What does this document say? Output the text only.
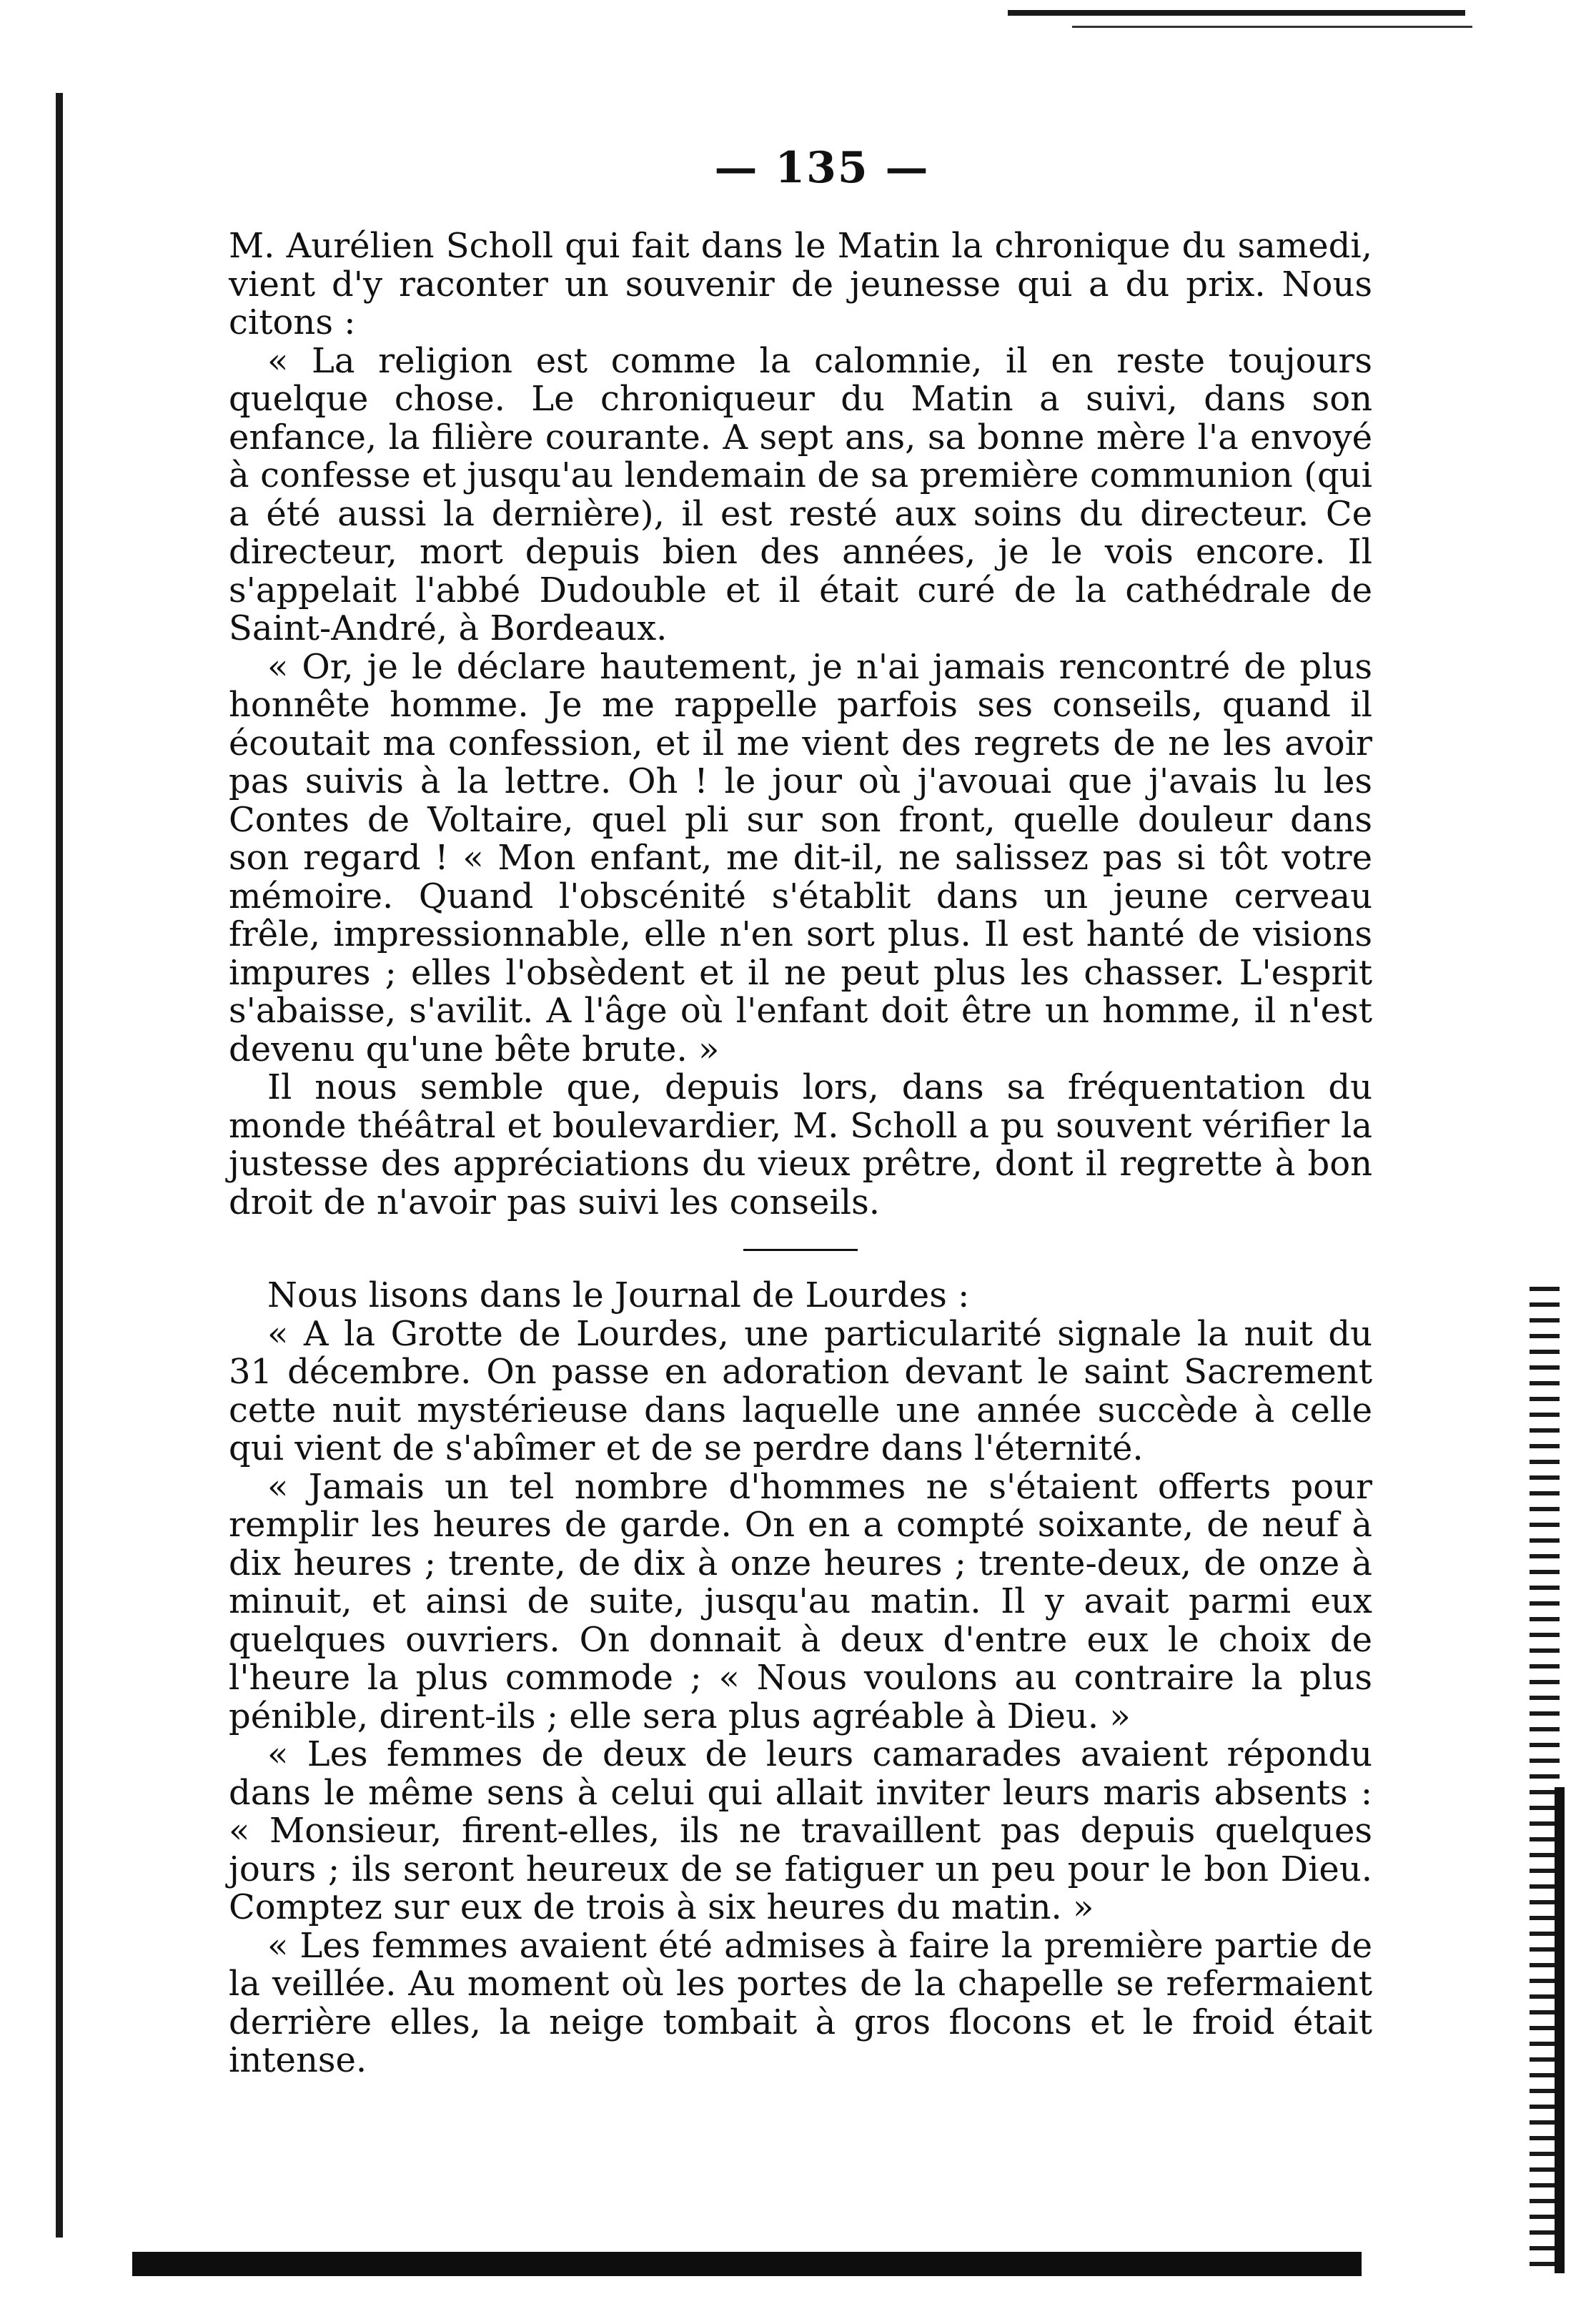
— 135 —

M. Aurélien Scholl qui fait dans le Matin la chronique du samedi, vient d'y raconter un souvenir de jeunesse qui a du prix. Nous citons :

« La religion est comme la calomnie, il en reste toujours quelque chose. Le chroniqueur du Matin a suivi, dans son enfance, la filière courante. A sept ans, sa bonne mère l'a envoyé à confesse et jusqu'au lendemain de sa première communion (qui a été aussi la dernière), il est resté aux soins du directeur. Ce directeur, mort depuis bien des années, je le vois encore. Il s'appelait l'abbé Dudouble et il était curé de la cathédrale de Saint-André, à Bordeaux.

« Or, je le déclare hautement, je n'ai jamais rencontré de plus honnête homme. Je me rappelle parfois ses conseils, quand il écoutait ma confession, et il me vient des regrets de ne les avoir pas suivis à la lettre. Oh ! le jour où j'avouai que j'avais lu les Contes de Voltaire, quel pli sur son front, quelle douleur dans son regard ! « Mon enfant, me dit-il, ne salissez pas si tôt votre mémoire. Quand l'obscénité s'établit dans un jeune cerveau frêle, impressionnable, elle n'en sort plus. Il est hanté de visions impures ; elles l'obsèdent et il ne peut plus les chasser. L'esprit s'abaisse, s'avilit. A l'âge où l'enfant doit être un homme, il n'est devenu qu'une bête brute. »

Il nous semble que, depuis lors, dans sa fréquentation du monde théâtral et boulevardier, M. Scholl a pu souvent vérifier la justesse des appréciations du vieux prêtre, dont il regrette à bon droit de n'avoir pas suivi les conseils.

Nous lisons dans le Journal de Lourdes :

« A la Grotte de Lourdes, une particularité signale la nuit du 31 décembre. On passe en adoration devant le saint Sacrement cette nuit mystérieuse dans laquelle une année succède à celle qui vient de s'abîmer et de se perdre dans l'éternité.

« Jamais un tel nombre d'hommes ne s'étaient offerts pour remplir les heures de garde. On en a compté soixante, de neuf à dix heures ; trente, de dix à onze heures ; trente-deux, de onze à minuit, et ainsi de suite, jusqu'au matin. Il y avait parmi eux quelques ouvriers. On donnait à deux d'entre eux le choix de l'heure la plus commode ; « Nous voulons au contraire la plus pénible, dirent-ils ; elle sera plus agréable à Dieu. »

« Les femmes de deux de leurs camarades avaient répondu dans le même sens à celui qui allait inviter leurs maris absents : « Monsieur, firent-elles, ils ne travaillent pas depuis quelques jours ; ils seront heureux de se fatiguer un peu pour le bon Dieu. Comptez sur eux de trois à six heures du matin. »

« Les femmes avaient été admises à faire la première partie de la veillée. Au moment où les portes de la chapelle se refermaient derrière elles, la neige tombait à gros flocons et le froid était intense.
